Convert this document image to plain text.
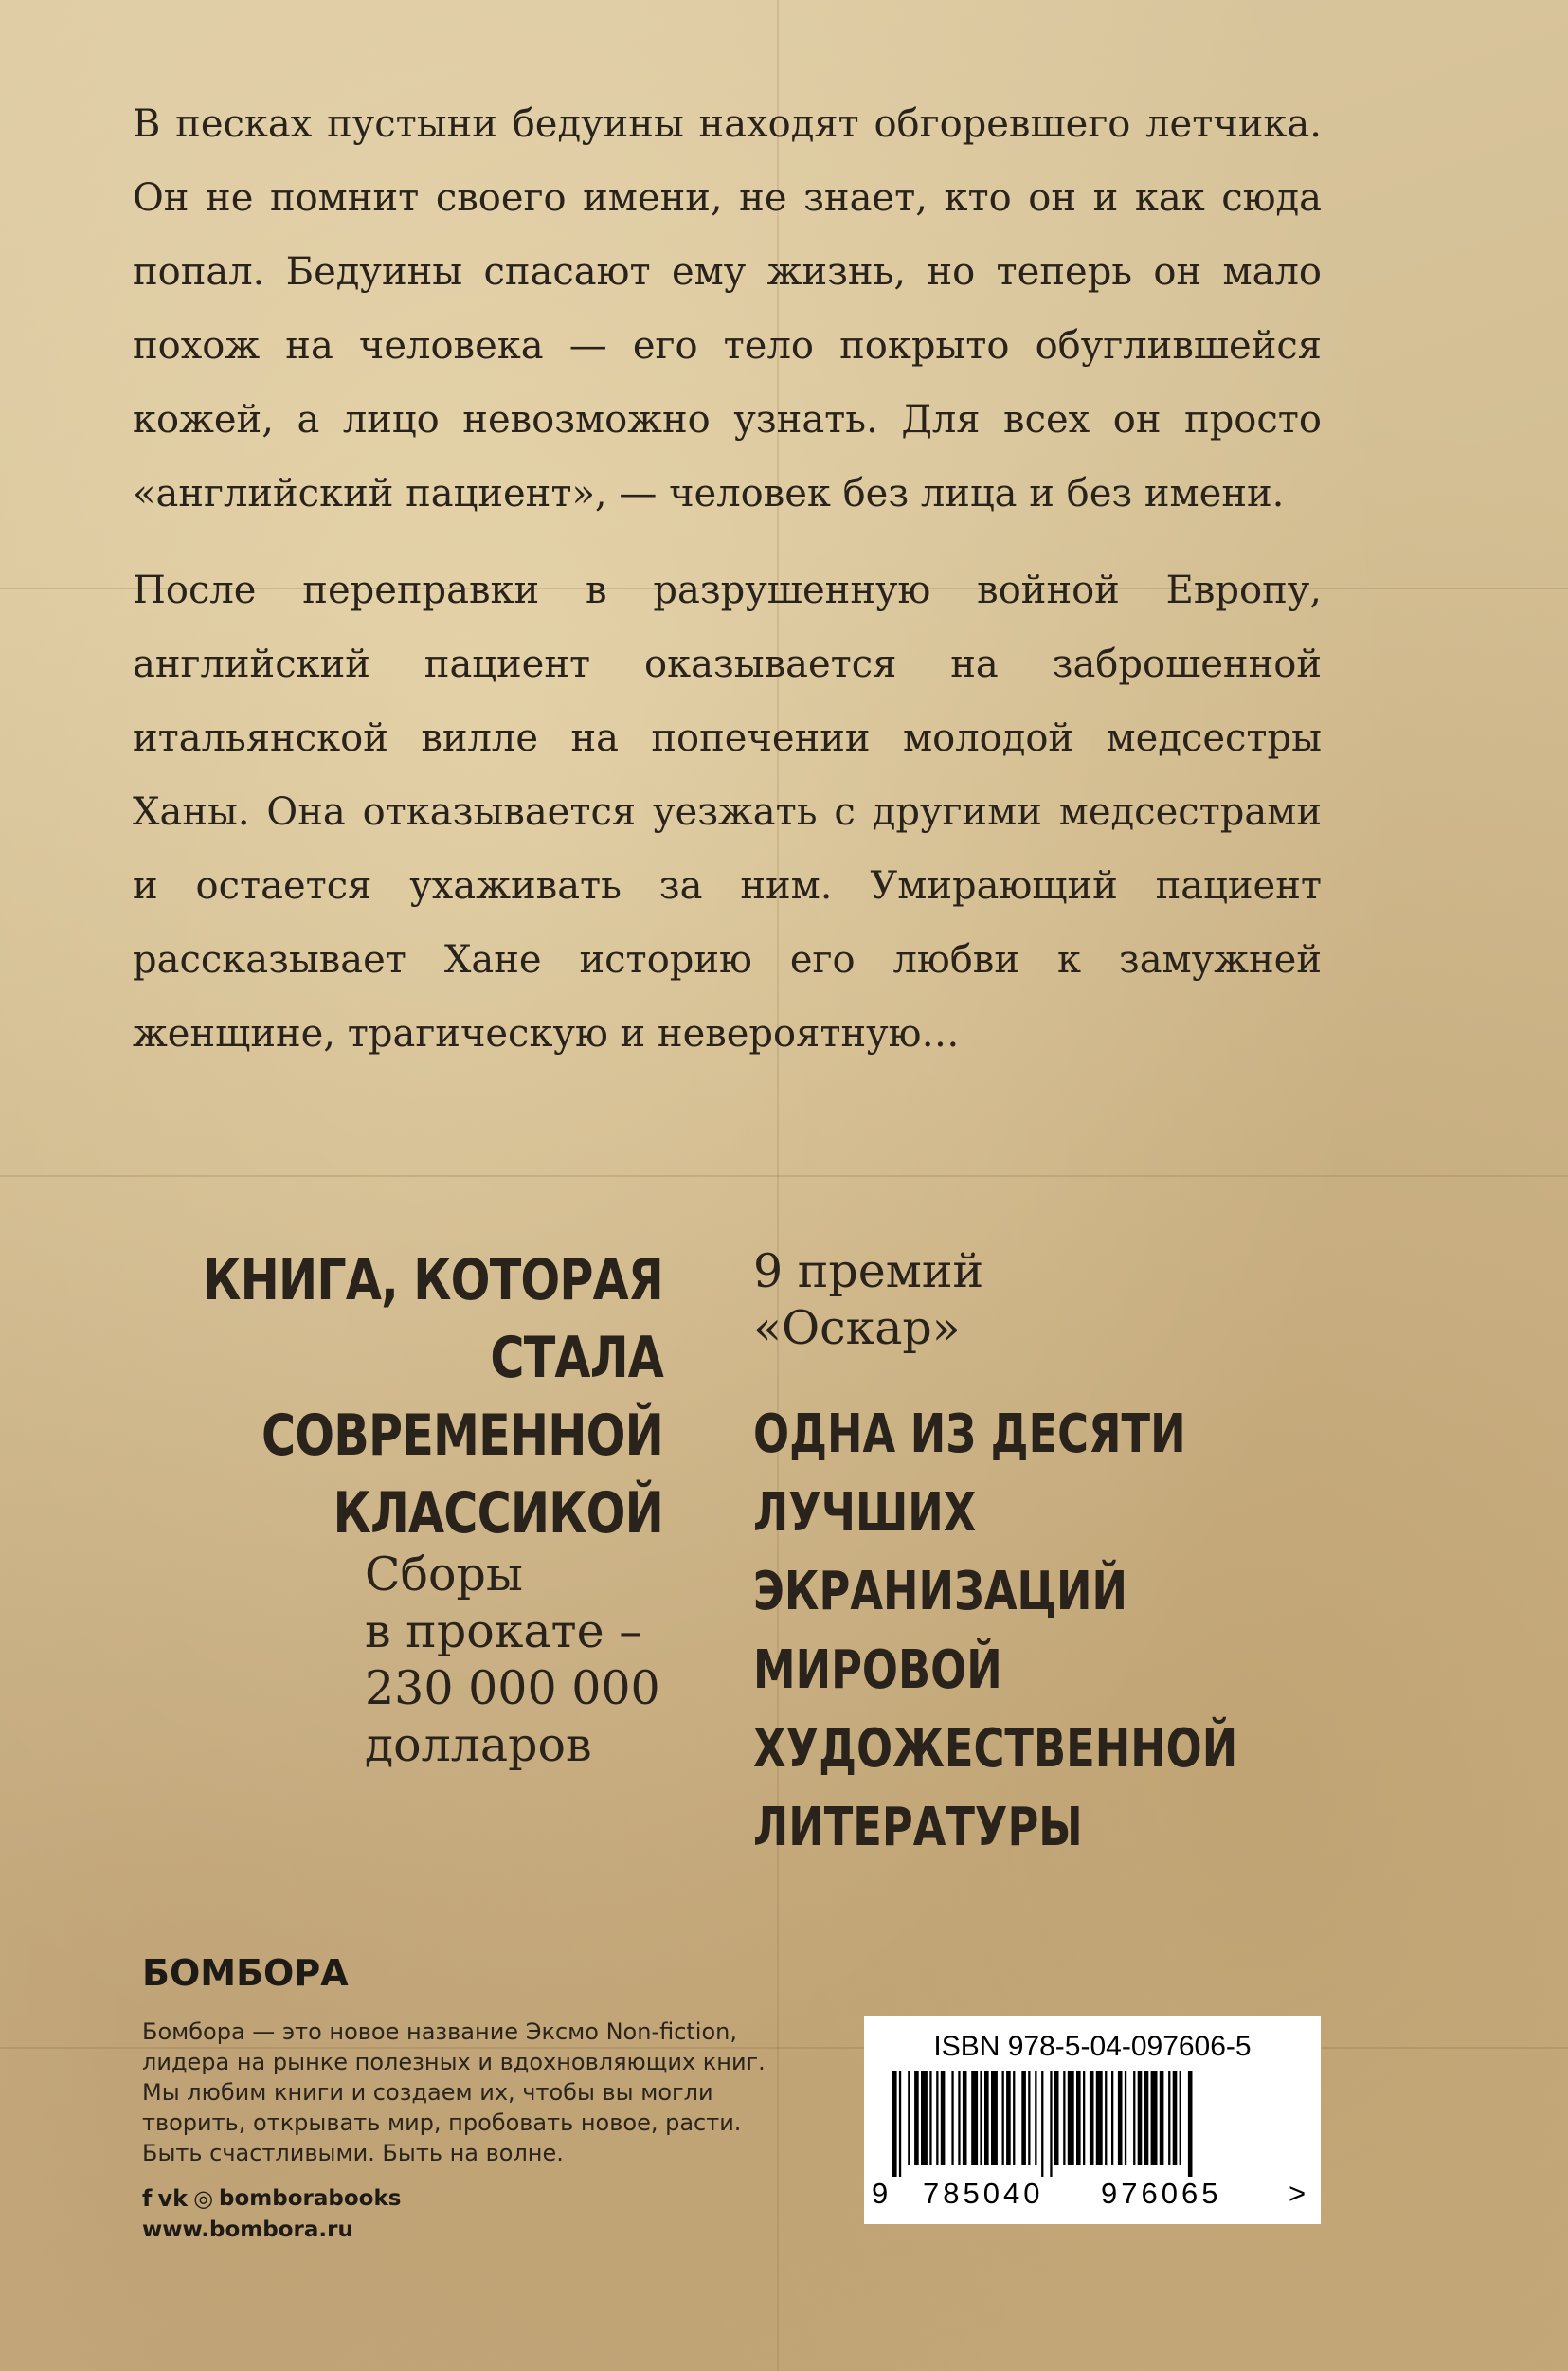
В песках пустыни бедуины находят обгоревшего летчика. Он не помнит своего имени, не знает, кто он и как сюда попал. Бедуины спасают ему жизнь, но теперь он мало похож на человека — его тело покрыто обуглившейся кожей, а лицо невозможно узнать. Для всех он просто «английский пациент», — человек без лица и без имени.

После переправки в разрушенную войной Европу, английский пациент оказывается на заброшенной итальянской вилле на попечении молодой медсестры Ханы. Она отказывается уезжать с другими медсестрами и остается ухаживать за ним. Умирающий пациент рассказывает Хане историю его любви к замужней женщине, трагическую и невероятную…

КНИГА, КОТОРАЯ
СТАЛА СОВРЕМЕННОЙ
КЛАССИКОЙ
Сборы
в прокате –
230 000 000
долларов
9 премий
«Оскар»
ОДНА ИЗ ДЕСЯТИ
ЛУЧШИХ
ЭКРАНИЗАЦИЙ
МИРОВОЙ
ХУДОЖЕСТВЕННОЙ
ЛИТЕРАТУРЫ
БОМБОРА
Бомбора — это новое название Эксмо Non-fiction,
лидера на рынке полезных и вдохновляющих книг.
Мы любим книги и создаем их, чтобы вы могли
творить, открывать мир, пробовать новое, расти.
Быть счастливыми. Быть на волне.
f vk ◎ bomborabooks
www.bombora.ru
ISBN 978-5-04-097606-5
9 785040 976065 >
